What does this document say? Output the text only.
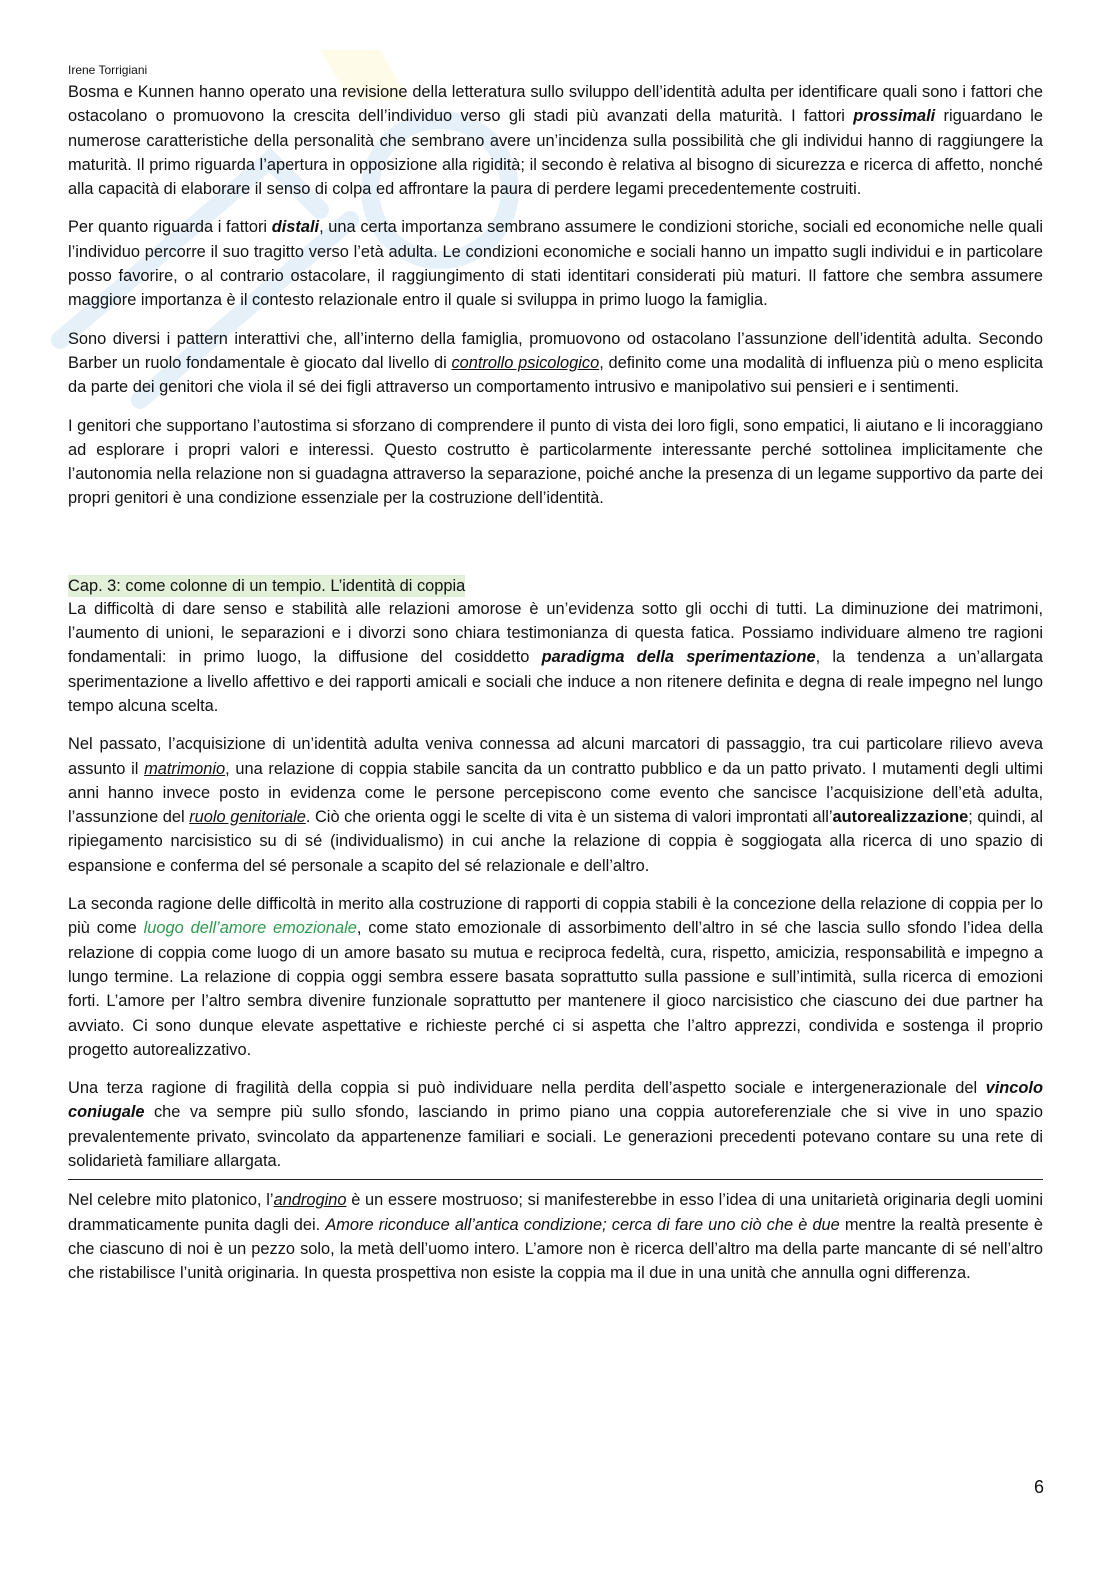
Irene Torrigiani

Bosma e Kunnen hanno operato una revisione della letteratura sullo sviluppo dell’identità adulta per identificare quali sono i fattori che ostacolano o promuovono la crescita dell’individuo verso gli stadi più avanzati della maturità. I fattori prossimali riguardano le numerose caratteristiche della personalità che sembrano avere un’incidenza sulla possibilità che gli individui hanno di raggiungere la maturità. Il primo riguarda l’apertura in opposizione alla rigidità; il secondo è relativa al bisogno di sicurezza e ricerca di affetto, nonché alla capacità di elaborare il senso di colpa ed affrontare la paura di perdere legami precedentemente costruiti.

Per quanto riguarda i fattori distali, una certa importanza sembrano assumere le condizioni storiche, sociali ed economiche nelle quali l’individuo percorre il suo tragitto verso l’età adulta. Le condizioni economiche e sociali hanno un impatto sugli individui e in particolare posso favorire, o al contrario ostacolare, il raggiungimento di stati identitari considerati più maturi. Il fattore che sembra assumere maggiore importanza è il contesto relazionale entro il quale si sviluppa in primo luogo la famiglia.

Sono diversi i pattern interattivi che, all’interno della famiglia, promuovono od ostacolano l’assunzione dell’identità adulta. Secondo Barber un ruolo fondamentale è giocato dal livello di controllo psicologico, definito come una modalità di influenza più o meno esplicita da parte dei genitori che viola il sé dei figli attraverso un comportamento intrusivo e manipolativo sui pensieri e i sentimenti.

I genitori che supportano l’autostima si sforzano di comprendere il punto di vista dei loro figli, sono empatici, li aiutano e li incoraggiano ad esplorare i propri valori e interessi. Questo costrutto è particolarmente interessante perché sottolinea implicitamente che l’autonomia nella relazione non si guadagna attraverso la separazione, poiché anche la presenza di un legame supportivo da parte dei propri genitori è una condizione essenziale per la costruzione dell’identità.

Cap. 3: come colonne di un tempio. L’identità di coppia

La difficoltà di dare senso e stabilità alle relazioni amorose è un’evidenza sotto gli occhi di tutti. La diminuzione dei matrimoni, l’aumento di unioni, le separazioni e i divorzi sono chiara testimonianza di questa fatica. Possiamo individuare almeno tre ragioni fondamentali: in primo luogo, la diffusione del cosiddetto paradigma della sperimentazione, la tendenza a un’allargata sperimentazione a livello affettivo e dei rapporti amicali e sociali che induce a non ritenere definita e degna di reale impegno nel lungo tempo alcuna scelta.

Nel passato, l’acquisizione di un’identità adulta veniva connessa ad alcuni marcatori di passaggio, tra cui particolare rilievo aveva assunto il matrimonio, una relazione di coppia stabile sancita da un contratto pubblico e da un patto privato. I mutamenti degli ultimi anni hanno invece posto in evidenza come le persone percepiscono come evento che sancisce l’acquisizione dell’età adulta, l’assunzione del ruolo genitoriale. Ciò che orienta oggi le scelte di vita è un sistema di valori improntati all’autorealizzazione; quindi, al ripiegamento narcisistico su di sé (individualismo) in cui anche la relazione di coppia è soggiogata alla ricerca di uno spazio di espansione e conferma del sé personale a scapito del sé relazionale e dell’altro.

La seconda ragione delle difficoltà in merito alla costruzione di rapporti di coppia stabili è la concezione della relazione di coppia per lo più come luogo dell’amore emozionale, come stato emozionale di assorbimento dell’altro in sé che lascia sullo sfondo l’idea della relazione di coppia come luogo di un amore basato su mutua e reciproca fedeltà, cura, rispetto, amicizia, responsabilità e impegno a lungo termine. La relazione di coppia oggi sembra essere basata soprattutto sulla passione e sull’intimità, sulla ricerca di emozioni forti. L’amore per l’altro sembra divenire funzionale soprattutto per mantenere il gioco narcisistico che ciascuno dei due partner ha avviato. Ci sono dunque elevate aspettative e richieste perché ci si aspetta che l’altro apprezzi, condivida e sostenga il proprio progetto autorealizzativo.

Una terza ragione di fragilità della coppia si può individuare nella perdita dell’aspetto sociale e intergenerazionale del vincolo coniugale che va sempre più sullo sfondo, lasciando in primo piano una coppia autoreferenziale che si vive in uno spazio prevalentemente privato, svincolato da appartenenze familiari e sociali. Le generazioni precedenti potevano contare su una rete di solidarietà familiare allargata.

Nel celebre mito platonico, l’androgino è un essere mostruoso; si manifesterebbe in esso l’idea di una unitarietà originaria degli uomini drammaticamente punita dagli dei. Amore riconduce all’antica condizione; cerca di fare uno ciò che è due mentre la realtà presente è che ciascuno di noi è un pezzo solo, la metà dell’uomo intero. L’amore non è ricerca dell’altro ma della parte mancante di sé nell’altro che ristabilisce l’unità originaria. In questa prospettiva non esiste la coppia ma il due in una unità che annulla ogni differenza.

6
